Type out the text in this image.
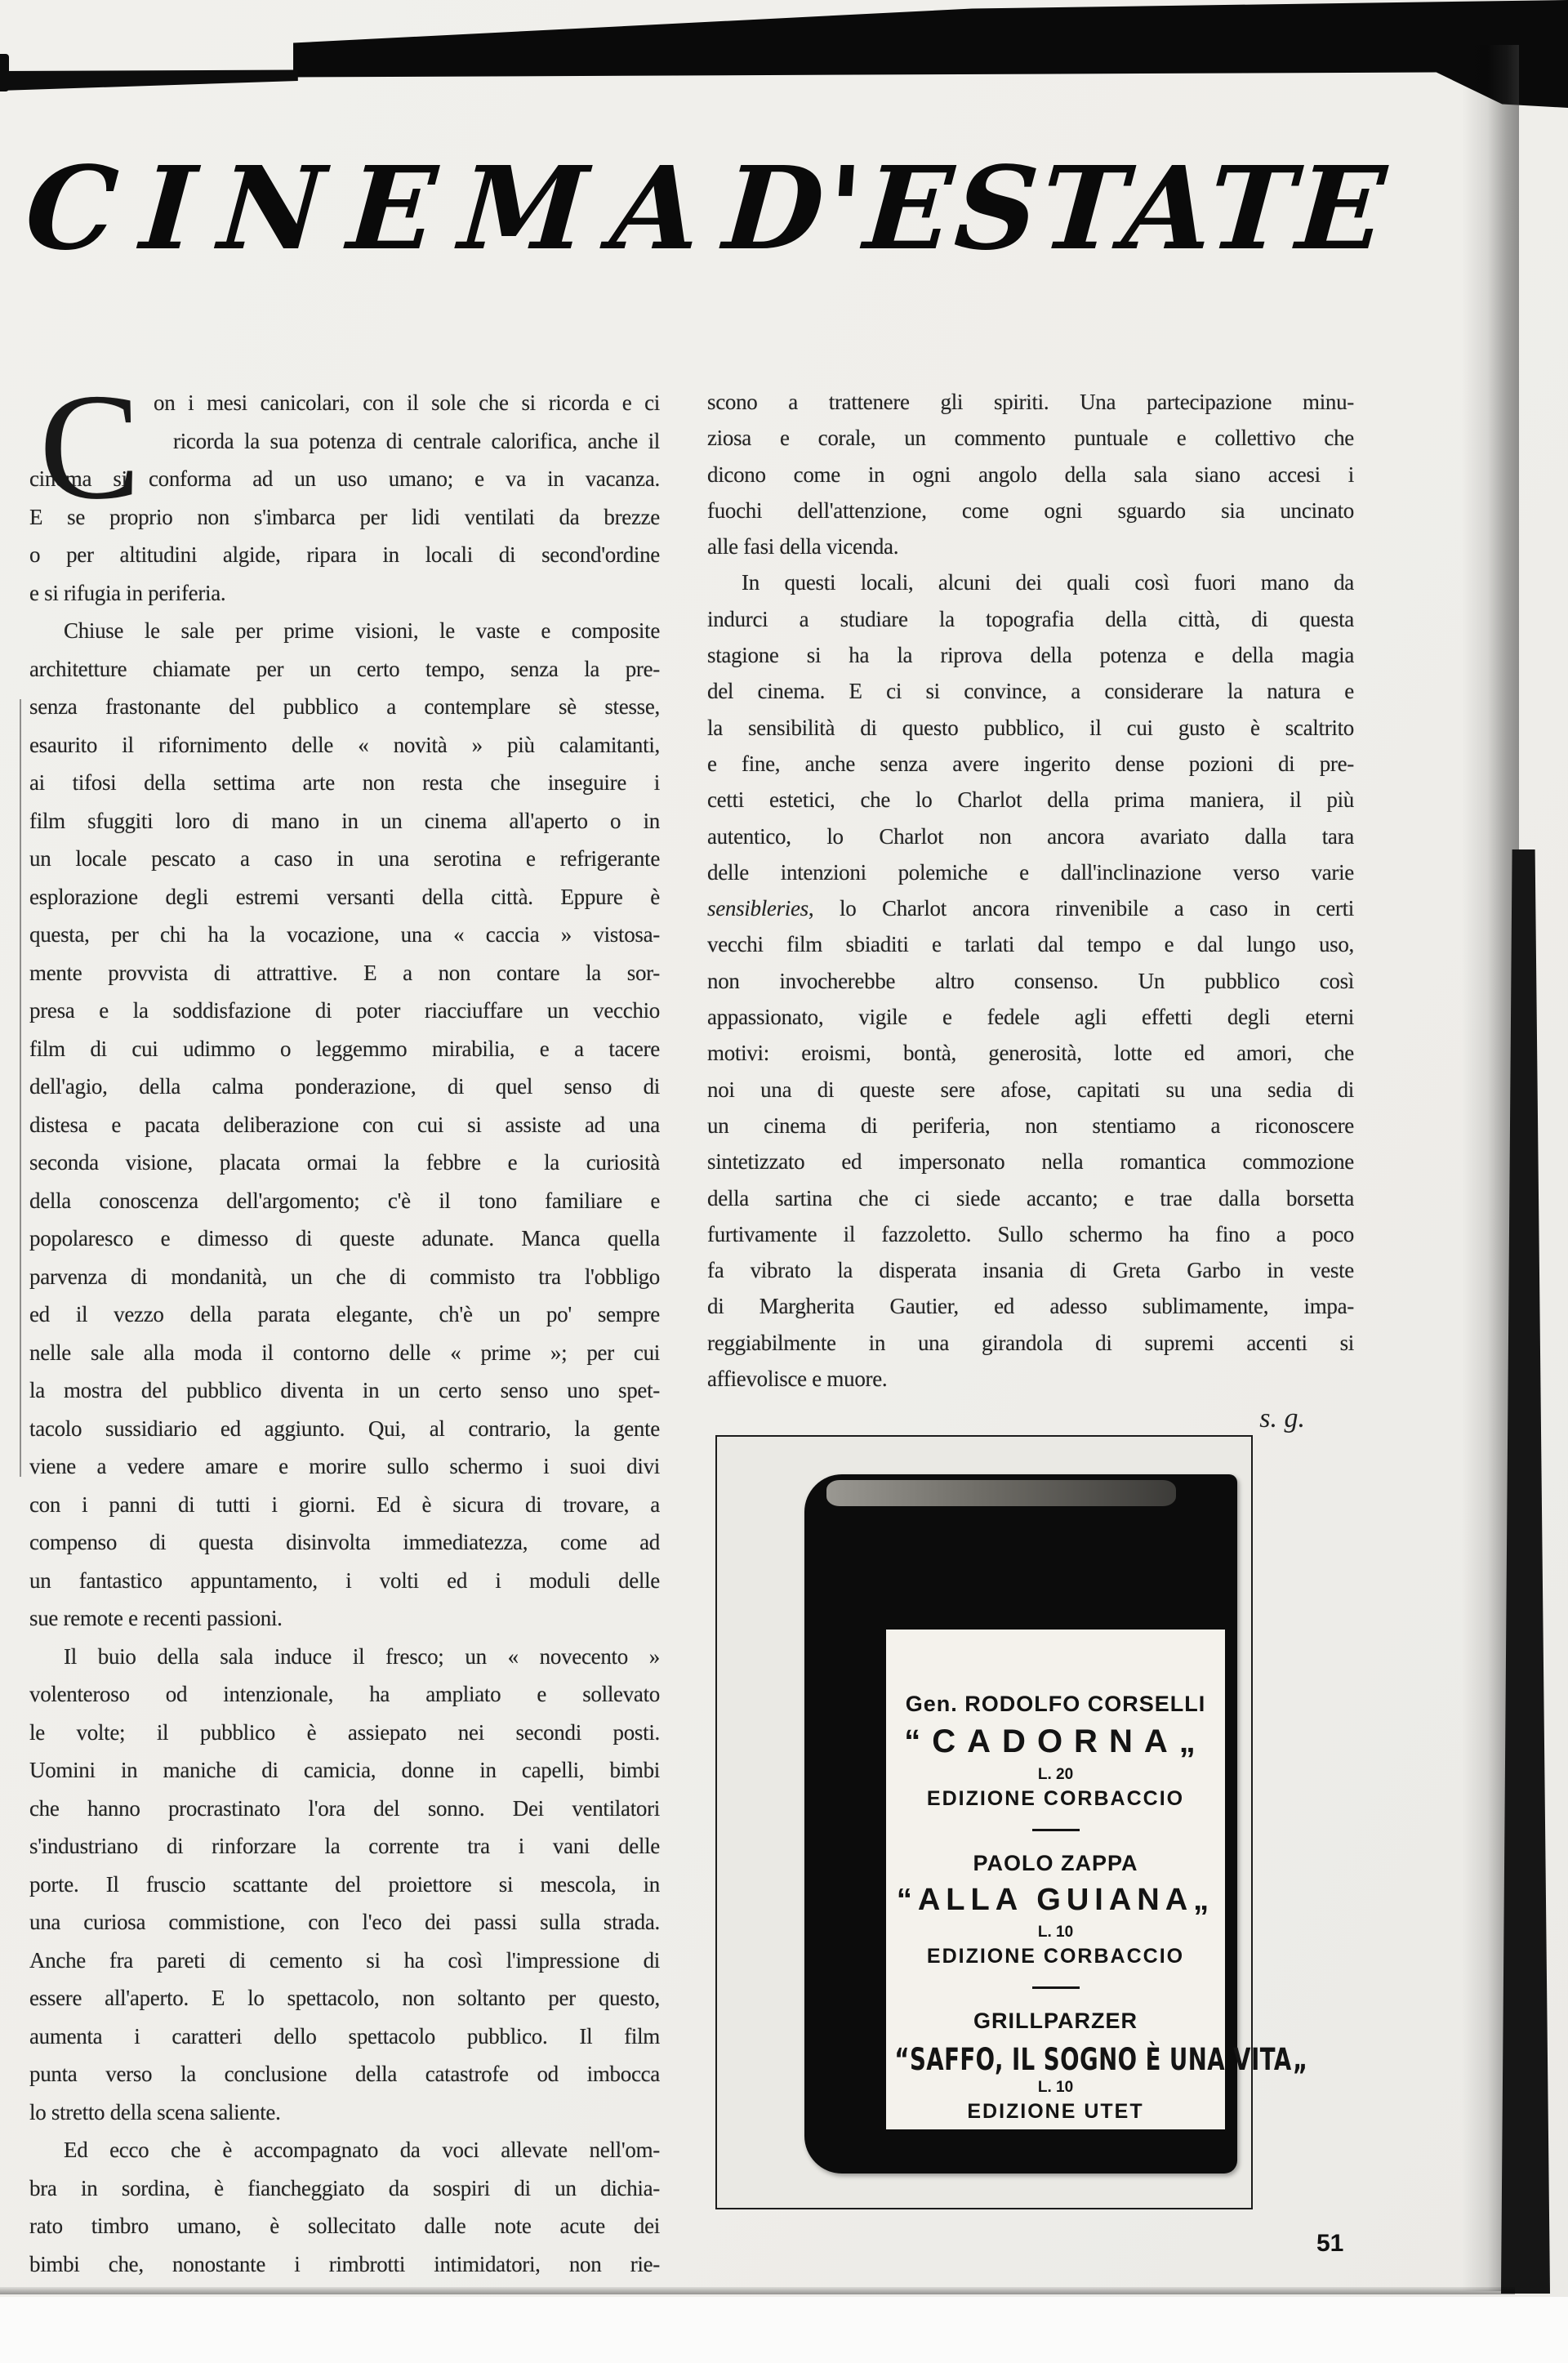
CINEMA
D'ESTATE
C on i mesi canicolari, con il sole che si ricorda e ci
ricorda la sua potenza di centrale calorifica, anche il
cinema si conforma ad un uso umano; e va in vacanza.
E se proprio non s'imbarca per lidi ventilati da brezze
o per altitudini algide, ripara in locali di second'ordine
e si rifugia in periferia.
Chiuse le sale per prime visioni, le vaste e composite
architetture chiamate per un certo tempo, senza la pre-
senza frastonante del pubblico a contemplare sè stesse,
esaurito il rifornimento delle « novità » più calamitanti,
ai tifosi della settima arte non resta che inseguire i
film sfuggiti loro di mano in un cinema all'aperto o in
un locale pescato a caso in una serotina e refrigerante
esplorazione degli estremi versanti della città. Eppure è
questa, per chi ha la vocazione, una « caccia » vistosa-
mente provvista di attrattive. E a non contare la sor-
presa e la soddisfazione di poter riacciuffare un vecchio
film di cui udimmo o leggemmo mirabilia, e a tacere
dell'agio, della calma ponderazione, di quel senso di
distesa e pacata deliberazione con cui si assiste ad una
seconda visione, placata ormai la febbre e la curiosità
della conoscenza dell'argomento; c'è il tono familiare e
popolaresco e dimesso di queste adunate. Manca quella
parvenza di mondanità, un che di commisto tra l'obbligo
ed il vezzo della parata elegante, ch'è un po' sempre
nelle sale alla moda il contorno delle « prime »; per cui
la mostra del pubblico diventa in un certo senso uno spet-
tacolo sussidiario ed aggiunto. Qui, al contrario, la gente
viene a vedere amare e morire sullo schermo i suoi divi
con i panni di tutti i giorni. Ed è sicura di trovare, a
compenso di questa disinvolta immediatezza, come ad
un fantastico appuntamento, i volti ed i moduli delle
sue remote e recenti passioni.
Il buio della sala induce il fresco; un « novecento »
volenteroso od intenzionale, ha ampliato e sollevato
le volte; il pubblico è assiepato nei secondi posti.
Uomini in maniche di camicia, donne in capelli, bimbi
che hanno procrastinato l'ora del sonno. Dei ventilatori
s'industriano di rinforzare la corrente tra i vani delle
porte. Il fruscio scattante del proiettore si mescola, in
una curiosa commistione, con l'eco dei passi sulla strada.
Anche fra pareti di cemento si ha così l'impressione di
essere all'aperto. E lo spettacolo, non soltanto per questo,
aumenta i caratteri dello spettacolo pubblico. Il film
punta verso la conclusione della catastrofe od imbocca
lo stretto della scena saliente.
Ed ecco che è accompagnato da voci allevate nell'om-
bra in sordina, è fiancheggiato da sospiri di un dichia-
rato timbro umano, è sollecitato dalle note acute dei
bimbi che, nonostante i rimbrotti intimidatori, non rie-
scono a trattenere gli spiriti. Una partecipazione minu-
ziosa e corale, un commento puntuale e collettivo che
dicono come in ogni angolo della sala siano accesi i
fuochi dell'attenzione, come ogni sguardo sia uncinato
alle fasi della vicenda.
In questi locali, alcuni dei quali così fuori mano da
indurci a studiare la topografia della città, di questa
stagione si ha la riprova della potenza e della magia
del cinema. E ci si convince, a considerare la natura e
la sensibilità di questo pubblico, il cui gusto è scaltrito
e fine, anche senza avere ingerito dense pozioni di pre-
cetti estetici, che lo Charlot della prima maniera, il più
autentico, lo Charlot non ancora avariato dalla tara
delle intenzioni polemiche e dall'inclinazione verso varie
sensibleries, lo Charlot ancora rinvenibile a caso in certi
vecchi film sbiaditi e tarlati dal tempo e dal lungo uso,
non invocherebbe altro consenso. Un pubblico così
appassionato, vigile e fedele agli effetti degli eterni
motivi: eroismi, bontà, generosità, lotte ed amori, che
noi una di queste sere afose, capitati su una sedia di
un cinema di periferia, non stentiamo a riconoscere
sintetizzato ed impersonato nella romantica commozione
della sartina che ci siede accanto; e trae dalla borsetta
furtivamente il fazzoletto. Sullo schermo ha fino a poco
fa vibrato la disperata insania di Greta Garbo in veste
di Margherita Gautier, ed adesso sublimamente, impa-
reggiabilmente in una girandola di supremi accenti si
affievolisce e muore.
s. g.
Gen. RODOLFO CORSELLI
“CADORNA„
L. 20
EDIZIONE CORBACCIO
PAOLO ZAPPA
“ALLA GUIANA„
L. 10
EDIZIONE CORBACCIO
GRILLPARZER
“SAFFO, IL SOGNO È UNA VITA„
L. 10
EDIZIONE UTET
51
